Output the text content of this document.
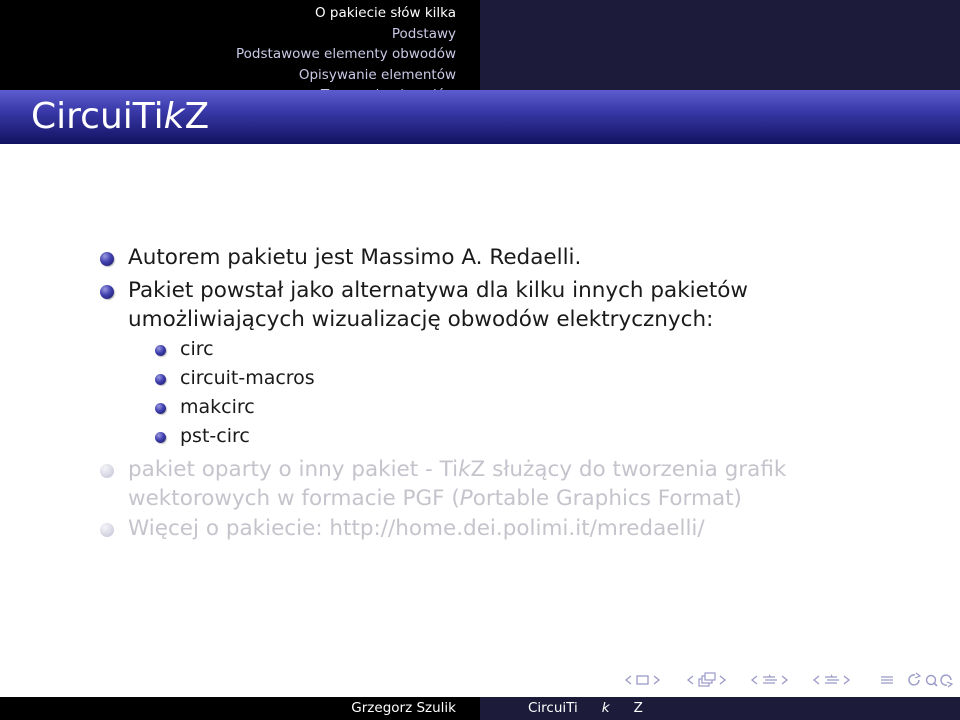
O pakiecie słów kilka
Podstawy
Podstawowe elementy obwodów
Opisywanie elementów
CircuiTikZ
Autorem pakietu jest Massimo A. Redaelli.
Pakiet powstał jako alternatywa dla kilku innych pakietów
umożliwiających wizualizację obwodów elektrycznych:
circ
circuit-macros
makcirc
pst-circ
pakiet oparty o inny pakiet - TikZ służący do tworzenia grafik
wektorowych w formacie PGF (Portable Graphics Format)
Więcej o pakiecie: http://home.dei.polimi.it/mredaelli/
Grzegorz Szulik	CircuiTi k Z
